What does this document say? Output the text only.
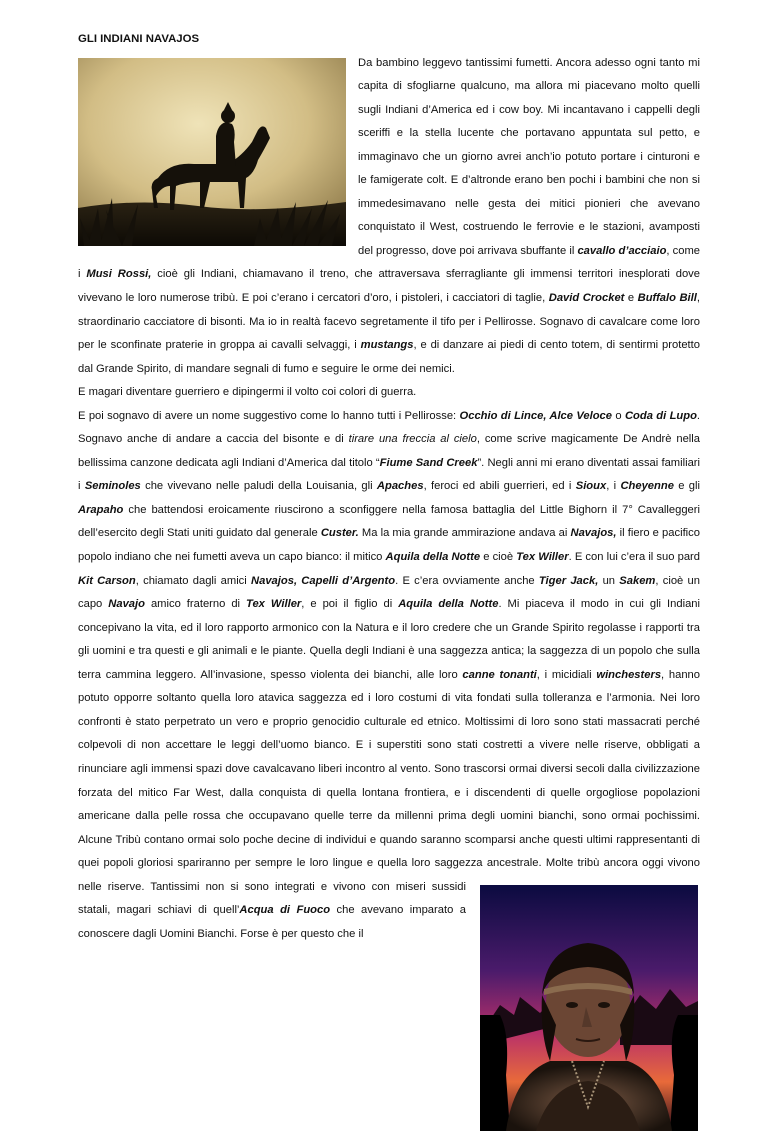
GLI INDIANI NAVAJOS

Da bambino leggevo tantissimi fumetti. Ancora adesso ogni tanto mi capita di sfogliarne qualcuno, ma allora mi piacevano molto quelli sugli Indiani d’America ed i cow boy. Mi incantavano i cappelli degli sceriffi e la stella lucente che portavano appuntata sul petto, e immaginavo che un giorno avrei anch’io potuto portare i cinturoni e le famigerate colt. E d’altronde erano ben pochi i bambini che non si immedesimavano nelle gesta dei mitici pionieri che avevano conquistato il West, costruendo le ferrovie e le stazioni, avamposti del progresso, dove poi arrivava sbuffante il cavallo d’acciaio, come i Musi Rossi, cioè gli Indiani, chiamavano il treno, che attraversava sferragliante gli immensi territori inesplorati dove vivevano le loro numerose tribù. E poi c’erano i cercatori d’oro, i pistoleri, i cacciatori di taglie, David Crocket e Buffalo Bill, straordinario cacciatore di bisonti. Ma io in realtà facevo segretamente il tifo per i Pellirosse. Sognavo di cavalcare come loro per le sconfinate praterie in groppa ai cavalli selvaggi, i mustangs, e di danzare ai piedi di cento totem, di sentirmi protetto dal Grande Spirito, di mandare segnali di fumo e seguire le orme dei nemici.

E magari diventare guerriero e dipingermi il volto coi colori di guerra.

E poi sognavo di avere un nome suggestivo come lo hanno tutti i Pellirosse: Occhio di Lince, Alce Veloce o Coda di Lupo. Sognavo anche di andare a caccia del bisonte e di tirare una freccia al cielo, come scrive magicamente De Andrè nella bellissima canzone dedicata agli Indiani d’America dal titolo “Fiume Sand Creek”. Negli anni mi erano diventati assai familiari i Seminoles che vivevano nelle paludi della Louisania, gli Apaches, feroci ed abili guerrieri, ed i Sioux, i Cheyenne e gli Arapaho che battendosi eroicamente riuscirono a sconfiggere nella famosa battaglia del Little Bighorn il 7° Cavalleggeri dell’esercito degli Stati uniti guidato dal generale Custer. Ma la mia grande ammirazione andava ai Navajos, il fiero e pacifico popolo indiano che nei fumetti aveva un capo bianco: il mitico Aquila della Notte e cioè Tex Willer. E con lui c’era il suo pard Kit Carson, chiamato dagli amici Navajos, Capelli d’Argento. E c’era ovviamente anche Tiger Jack, un Sakem, cioè un capo Navajo amico fraterno di Tex Willer, e poi il figlio di Aquila della Notte. Mi piaceva il modo in cui gli Indiani concepivano la vita, ed il loro rapporto armonico con la Natura e il loro credere che un Grande Spirito regolasse i rapporti tra gli uomini e tra questi e gli animali e le piante. Quella degli Indiani è una saggezza antica; la saggezza di un popolo che sulla terra cammina leggero. All’invasione, spesso violenta dei bianchi, alle loro canne tonanti, i micidiali winchesters, hanno potuto opporre soltanto quella loro atavica saggezza ed i loro costumi di vita fondati sulla tolleranza e l’armonia. Nei loro confronti è stato perpetrato un vero e proprio genocidio culturale ed etnico. Moltissimi di loro sono stati massacrati perché colpevoli di non accettare le leggi dell’uomo bianco. E i superstiti sono stati costretti a vivere nelle riserve, obbligati a rinunciare agli immensi spazi dove cavalcavano liberi incontro al vento. Sono trascorsi ormai diversi secoli dalla civilizzazione forzata del mitico Far West, dalla conquista di quella lontana frontiera, e i discendenti di quelle orgogliose popolazioni americane dalla pelle rossa che occupavano quelle terre da millenni prima degli uomini bianchi, sono ormai pochissimi. Alcune Tribù contano ormai solo poche decine di individui e quando saranno scomparsi anche questi ultimi rappresentanti di quei popoli gloriosi spariranno per sempre le loro lingue e quella loro saggezza ancestrale. Molte tribù ancora oggi vivono nelle riserve. Tantissimi non si sono integrati e vivono con miseri sussidi statali, magari schiavi di quell’Acqua di Fuoco che avevano imparato a conoscere dagli Uomini Bianchi. Forse è per questo che il
